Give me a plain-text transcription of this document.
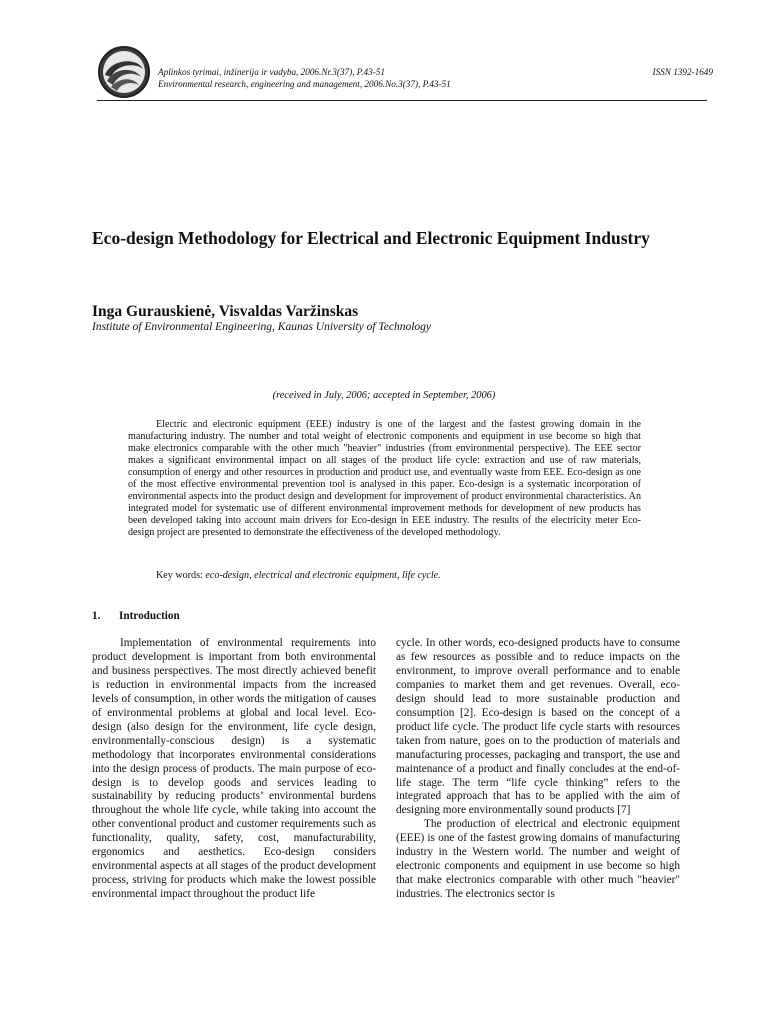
Aplinkos tyrimai, inžinerija ir vadyba, 2006.Nr.3(37), P.43-51
Environmental research, engineering and management, 2006.No.3(37), P.43-51
ISSN 1392-1649
Eco-design Methodology for Electrical and Electronic Equipment Industry
Inga Gurauskienė, Visvaldas Varžinskas
Institute of Environmental Engineering, Kaunas University of Technology
(received in July, 2006; accepted in September, 2006)

Electric and electronic equipment (EEE) industry is one of the largest and the fastest growing domain in the manufacturing industry. The number and total weight of electronic components and equipment in use become so high that make electronics comparable with the other much "heavier" industries (from environmental perspective). The EEE sector makes a significant environmental impact on all stages of the product life cycle: extraction and use of raw materials, consumption of energy and other resources in production and product use, and eventually waste from EEE. Eco-design as one of the most effective environmental prevention tool is analysed in this paper. Eco-design is a systematic incorporation of environmental aspects into the product design and development for improvement of product environmental characteristics. An integrated model for systematic use of different environmental improvement methods for development of new products has been developed taking into account main drivers for Eco-design in EEE industry. The results of the electricity meter Eco-design project are presented to demonstrate the effectiveness of the developed methodology.

Key words: eco-design, electrical and electronic equipment, life cycle.
1. Introduction

Implementation of environmental requirements into product development is important from both environmental and business perspectives. The most directly achieved benefit is reduction in environmental impacts from the increased levels of consumption, in other words the mitigation of causes of environmental problems at global and local level. Eco-design (also design for the environment, life cycle design, environmentally-conscious design) is a systematic methodology that incorporates environmental considerations into the design process of products. The main purpose of eco-design is to develop goods and services leading to sustainability by reducing products’ environmental burdens throughout the whole life cycle, while taking into account the other conventional product and customer requirements such as functionality, quality, safety, cost, manufacturability, ergonomics and aesthetics. Eco-design considers environmental aspects at all stages of the product development process, striving for products which make the lowest possible environmental impact throughout the product life

cycle. In other words, eco-designed products have to consume as few resources as possible and to reduce impacts on the environment, to improve overall performance and to enable companies to market them and get revenues. Overall, eco-design should lead to more sustainable production and consumption [2]. Eco-design is based on the concept of a product life cycle. The product life cycle starts with resources taken from nature, goes on to the production of materials and manufacturing processes, packaging and transport, the use and maintenance of a product and finally concludes at the end-of-life stage. The term “life cycle thinking” refers to the integrated approach that has to be applied with the aim of designing more environmentally sound products [7]

The production of electrical and electronic equipment (EEE) is one of the fastest growing domains of manufacturing industry in the Western world. The number and weight of electronic components and equipment in use become so high that make electronics comparable with other much "heavier" industries. The electronics sector is
